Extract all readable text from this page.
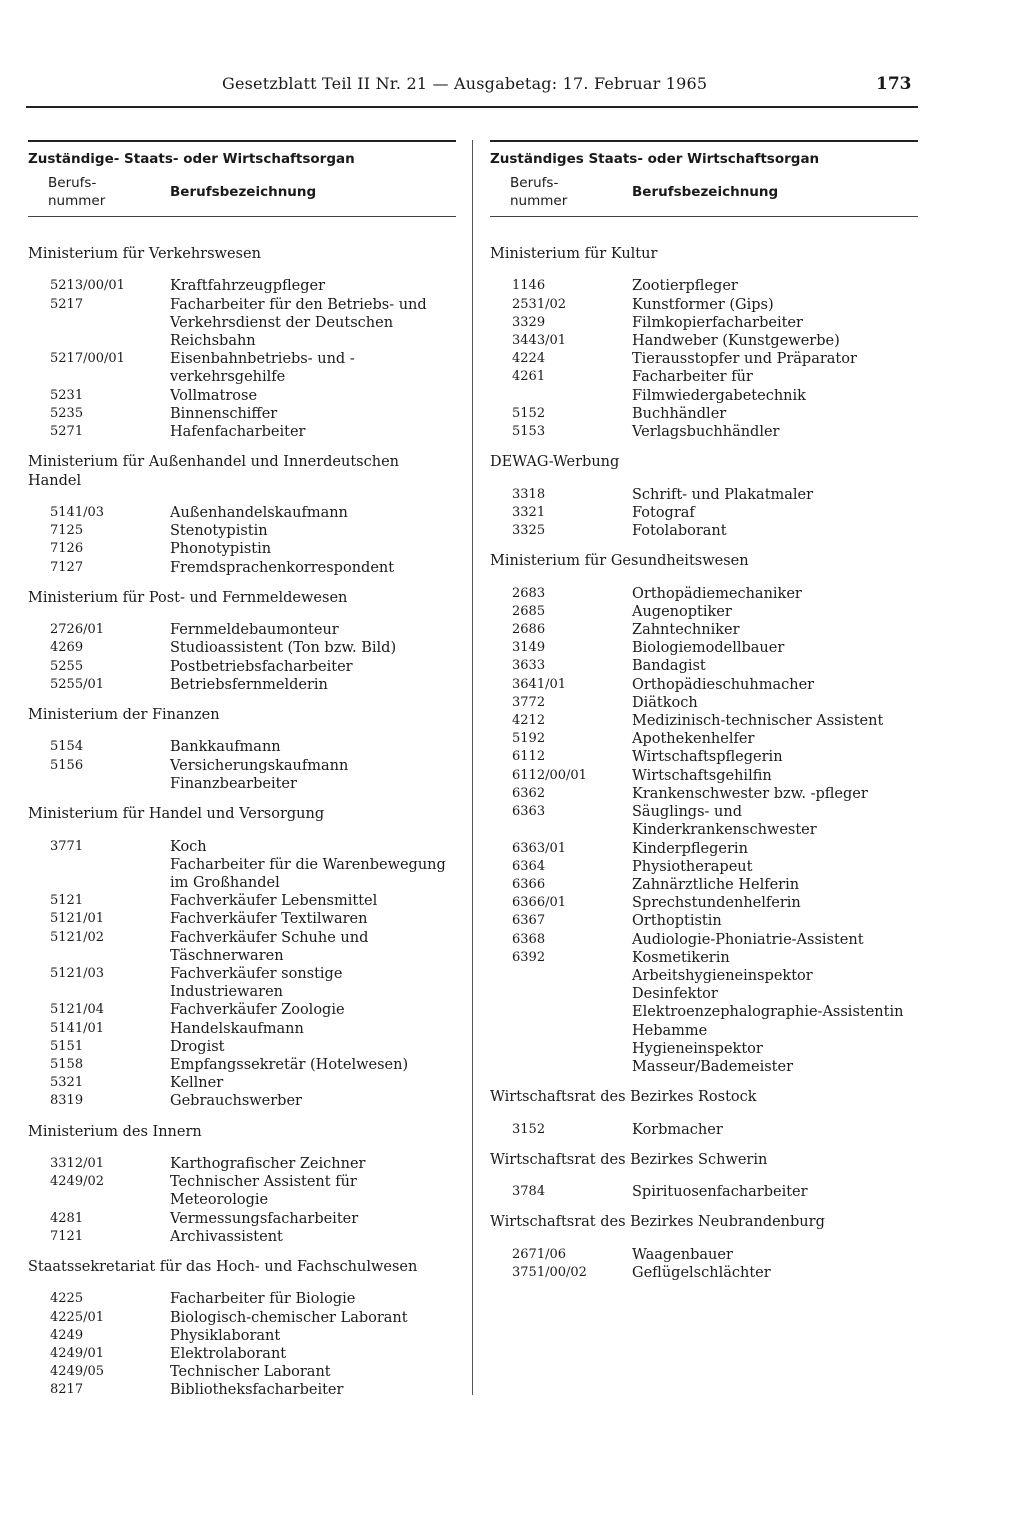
Gesetzblatt Teil II Nr. 21 — Ausgabetag: 17. Februar 1965	173
Zuständige- Staats- oder Wirtschaftsorgan
Berufs-
nummer
Berufsbezeichnung
Ministerium für Verkehrswesen
5213/00/01	Kraftfahrzeugpfleger
5217	Facharbeiter für den Betriebs- und Verkehrsdienst der Deutschen Reichsbahn
5217/00/01	Eisenbahnbetriebs- und -verkehrsgehilfe
5231	Vollmatrose
5235	Binnenschiffer
5271	Hafenfacharbeiter
Ministerium für Außenhandel und Innerdeutschen Handel
5141/03	Außenhandelskaufmann
7125	Stenotypistin
7126	Phonotypistin
7127	Fremdsprachenkorrespondent
Ministerium für Post- und Fernmeldewesen
2726/01	Fernmeldebaumonteur
4269	Studioassistent (Ton bzw. Bild)
5255	Postbetriebsfacharbeiter
5255/01	Betriebsfernmelderin
Ministerium der Finanzen
5154	Bankkaufmann
5156	Versicherungskaufmann
Finanzbearbeiter
Ministerium für Handel und Versorgung
3771	Koch
Facharbeiter für die Warenbewegung im Großhandel
5121	Fachverkäufer Lebensmittel
5121/01	Fachverkäufer Textilwaren
5121/02	Fachverkäufer Schuhe und Täschnerwaren
5121/03	Fachverkäufer sonstige Industriewaren
5121/04	Fachverkäufer Zoologie
5141/01	Handelskaufmann
5151	Drogist
5158	Empfangssekretär (Hotelwesen)
5321	Kellner
8319	Gebrauchswerber
Ministerium des Innern
3312/01	Karthografischer Zeichner
4249/02	Technischer Assistent für Meteorologie
4281	Vermessungsfacharbeiter
7121	Archivassistent
Staatssekretariat für das Hoch- und Fachschulwesen
4225	Facharbeiter für Biologie
4225/01	Biologisch-chemischer Laborant
4249	Physiklaborant
4249/01	Elektrolaborant
4249/05	Technischer Laborant
8217	Bibliotheksfacharbeiter
Zuständiges Staats- oder Wirtschaftsorgan
Berufs-
nummer
Berufsbezeichnung
Ministerium für Kultur
1146	Zootierpfleger
2531/02	Kunstformer (Gips)
3329	Filmkopierfacharbeiter
3443/01	Handweber (Kunstgewerbe)
4224	Tierausstopfer und Präparator
4261	Facharbeiter für Filmwiedergabetechnik
5152	Buchhändler
5153	Verlagsbuchhändler
DEWAG-Werbung
3318	Schrift- und Plakatmaler
3321	Fotograf
3325	Fotolaborant
Ministerium für Gesundheitswesen
2683	Orthopädiemechaniker
2685	Augenoptiker
2686	Zahntechniker
3149	Biologiemodellbauer
3633	Bandagist
3641/01	Orthopädieschuhmacher
3772	Diätkoch
4212	Medizinisch-technischer Assistent
5192	Apothekenhelfer
6112	Wirtschaftspflegerin
6112/00/01	Wirtschaftsgehilfin
6362	Krankenschwester bzw. -pfleger
6363	Säuglings- und Kinderkrankenschwester
6363/01	Kinderpflegerin
6364	Physiotherapeut
6366	Zahnärztliche Helferin
6366/01	Sprechstundenhelferin
6367	Orthoptistin
6368	Audiologie-Phoniatrie-Assistent
6392	Kosmetikerin
Arbeitshygieneinspektor
Desinfektor
Elektroenzephalographie-Assistentin
Hebamme
Hygieneinspektor
Masseur/Bademeister
Wirtschaftsrat des Bezirkes Rostock
3152	Korbmacher
Wirtschaftsrat des Bezirkes Schwerin
3784	Spirituosenfacharbeiter
Wirtschaftsrat des Bezirkes Neubrandenburg
2671/06	Waagenbauer
3751/00/02	Geflügelschlächter
